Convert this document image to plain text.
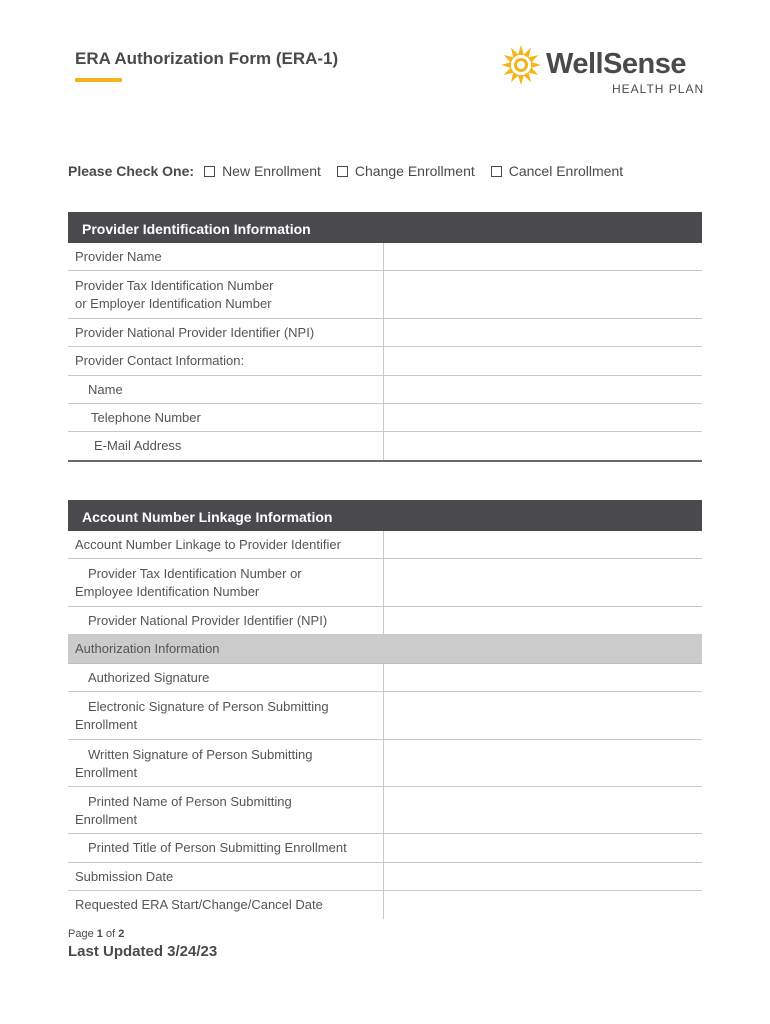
ERA Authorization Form (ERA-1)	WellSense
HEALTH PLAN
Please Check One: New Enrollment Change Enrollment Cancel Enrollment
Provider Identification Information
Provider Name
Provider Tax Identification Number
or Employer Identification Number
Provider National Provider Identifier (NPI)
Provider Contact Information:
Name
Telephone Number
E-Mail Address
Account Number Linkage Information
Account Number Linkage to Provider Identifier
Provider Tax Identification Number or
Employee Identification Number
Provider National Provider Identifier (NPI)
Authorization Information
Authorized Signature
Electronic Signature of Person Submitting
Enrollment
Written Signature of Person Submitting
Enrollment
Printed Name of Person Submitting
Enrollment
Printed Title of Person Submitting Enrollment
Submission Date
Requested ERA Start/Change/Cancel Date
Page 1 of 2
Last Updated 3/24/23
